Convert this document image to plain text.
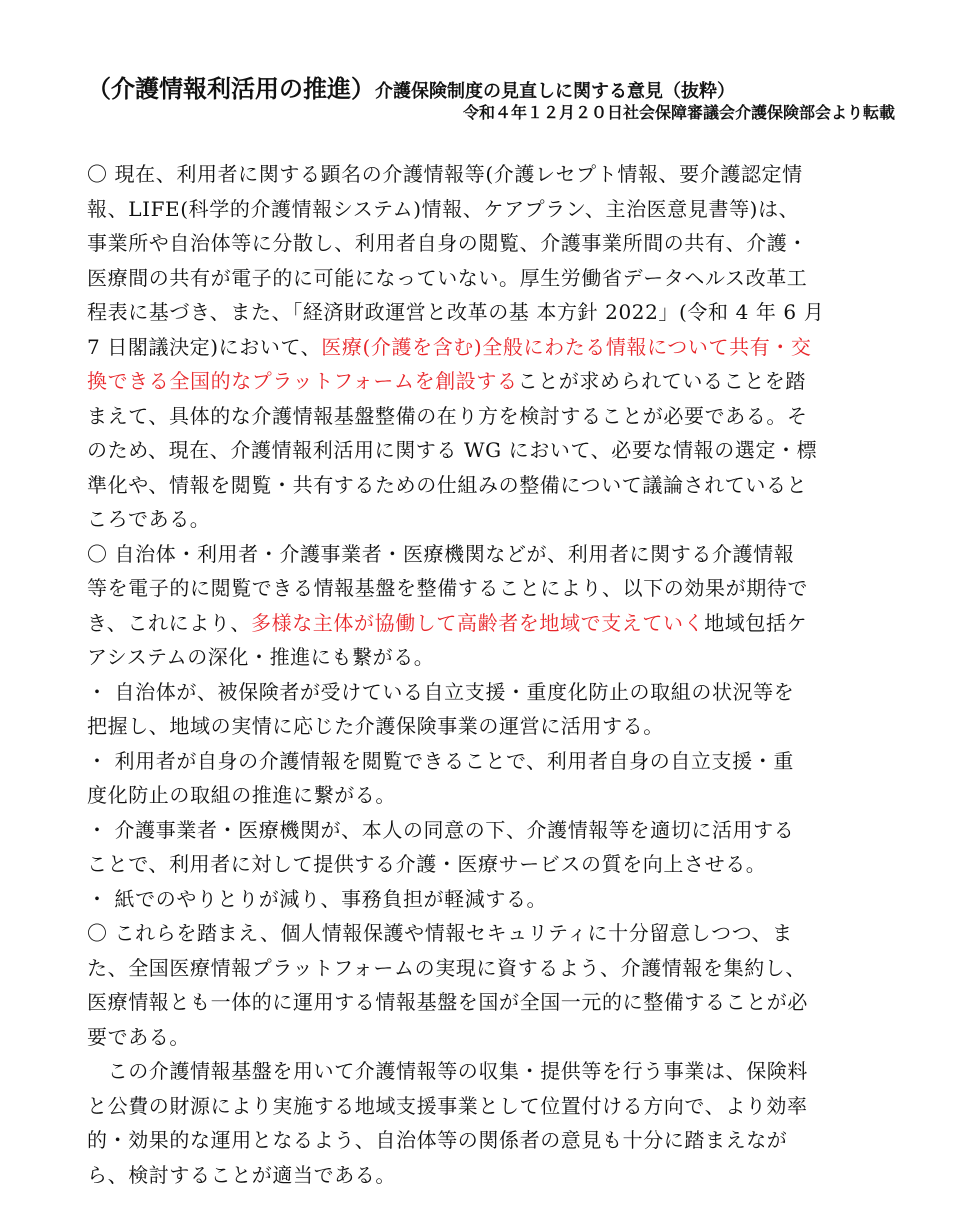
（介護情報利活用の推進）介護保険制度の見直しに関する意見（抜粋）
令和４年１２月２０日社会保障審議会介護保険部会より転載
〇 現在、利用者に関する顕名の介護情報等(介護レセプト情報、要介護認定情
報、LIFE(科学的介護情報システム)情報、ケアプラン、主治医意見書等)は、
事業所や自治体等に分散し、利用者自身の閲覧、介護事業所間の共有、介護・
医療間の共有が電子的に可能になっていない。厚生労働省データヘルス改革工
程表に基づき、また、「経済財政運営と改革の基 本方針 2022」(令和 4 年 6 月
7 日閣議決定)において、医療(介護を含む)全般にわたる情報について共有・交
換できる全国的なプラットフォームを創設することが求められていることを踏
まえて、具体的な介護情報基盤整備の在り方を検討することが必要である。そ
のため、現在、介護情報利活用に関する WG において、必要な情報の選定・標
準化や、情報を閲覧・共有するための仕組みの整備について議論されていると
ころである。
〇 自治体・利用者・介護事業者・医療機関などが、利用者に関する介護情報
等を電子的に閲覧できる情報基盤を整備することにより、以下の効果が期待で
き、これにより、多様な主体が協働して高齢者を地域で支えていく地域包括ケ
アシステムの深化・推進にも繋がる。
・ 自治体が、被保険者が受けている自立支援・重度化防止の取組の状況等を
把握し、地域の実情に応じた介護保険事業の運営に活用する。
・ 利用者が自身の介護情報を閲覧できることで、利用者自身の自立支援・重
度化防止の取組の推進に繋がる。
・ 介護事業者・医療機関が、本人の同意の下、介護情報等を適切に活用する
ことで、利用者に対して提供する介護・医療サービスの質を向上させる。
・ 紙でのやりとりが減り、事務負担が軽減する。
〇 これらを踏まえ、個人情報保護や情報セキュリティに十分留意しつつ、ま
た、全国医療情報プラットフォームの実現に資するよう、介護情報を集約し、
医療情報とも一体的に運用する情報基盤を国が全国一元的に整備することが必
要である。
　この介護情報基盤を用いて介護情報等の収集・提供等を行う事業は、保険料
と公費の財源により実施する地域支援事業として位置付ける方向で、より効率
的・効果的な運用となるよう、自治体等の関係者の意見も十分に踏まえなが
ら、検討することが適当である。
